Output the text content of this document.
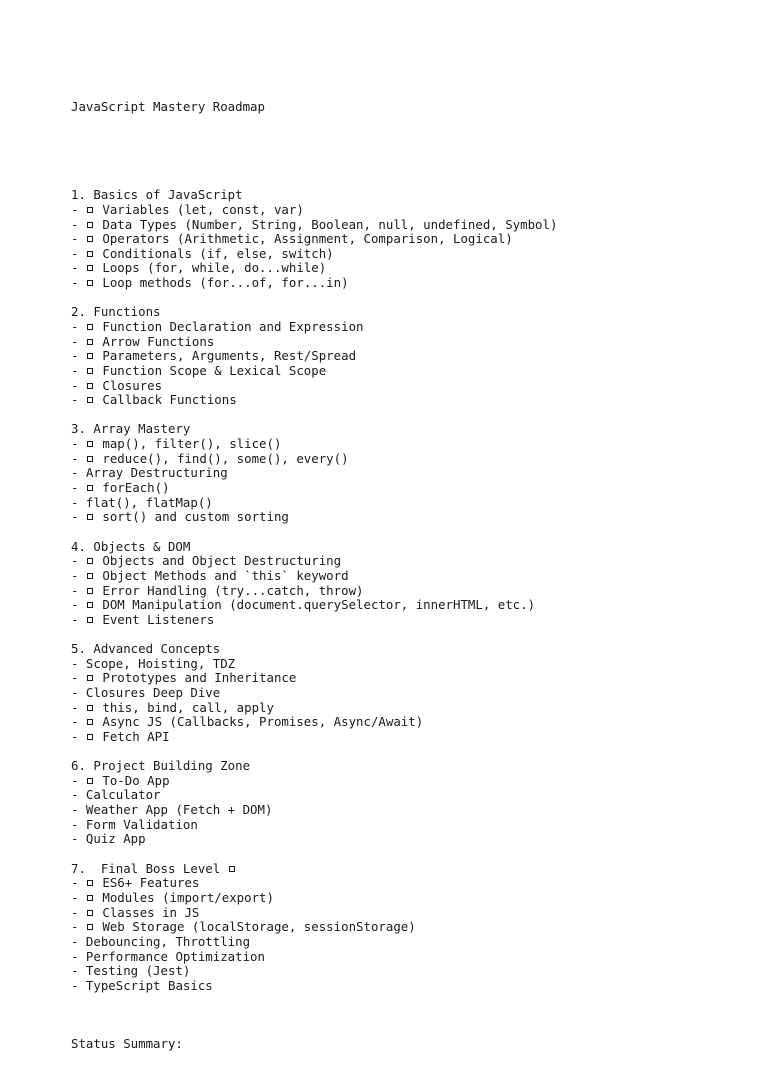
JavaScript Mastery Roadmap

1. Basics of JavaScript
-  Variables (let, const, var)
-  Data Types (Number, String, Boolean, null, undefined, Symbol)
-  Operators (Arithmetic, Assignment, Comparison, Logical)
-  Conditionals (if, else, switch)
-  Loops (for, while, do...while)
-  Loop methods (for...of, for...in)
2. Functions
-  Function Declaration and Expression
-  Arrow Functions
-  Parameters, Arguments, Rest/Spread
-  Function Scope & Lexical Scope
-  Closures
-  Callback Functions
3. Array Mastery
-  map(), filter(), slice()
-  reduce(), find(), some(), every()
- Array Destructuring
-  forEach()
- flat(), flatMap()
-  sort() and custom sorting
4. Objects & DOM
-  Objects and Object Destructuring
-  Object Methods and `this` keyword
-  Error Handling (try...catch, throw)
-  DOM Manipulation (document.querySelector, innerHTML, etc.)
-  Event Listeners
5. Advanced Concepts
- Scope, Hoisting, TDZ
-  Prototypes and Inheritance
- Closures Deep Dive
-  this, bind, call, apply
-  Async JS (Callbacks, Promises, Async/Await)
-  Fetch API
6. Project Building Zone
-  To-Do App
- Calculator
- Weather App (Fetch + DOM)
- Form Validation
- Quiz App
7.  Final Boss Level
-  ES6+ Features
-  Modules (import/export)
-  Classes in JS
-  Web Storage (localStorage, sessionStorage)
- Debouncing, Throttling
- Performance Optimization
- Testing (Jest)
- TypeScript Basics

Status Summary:
